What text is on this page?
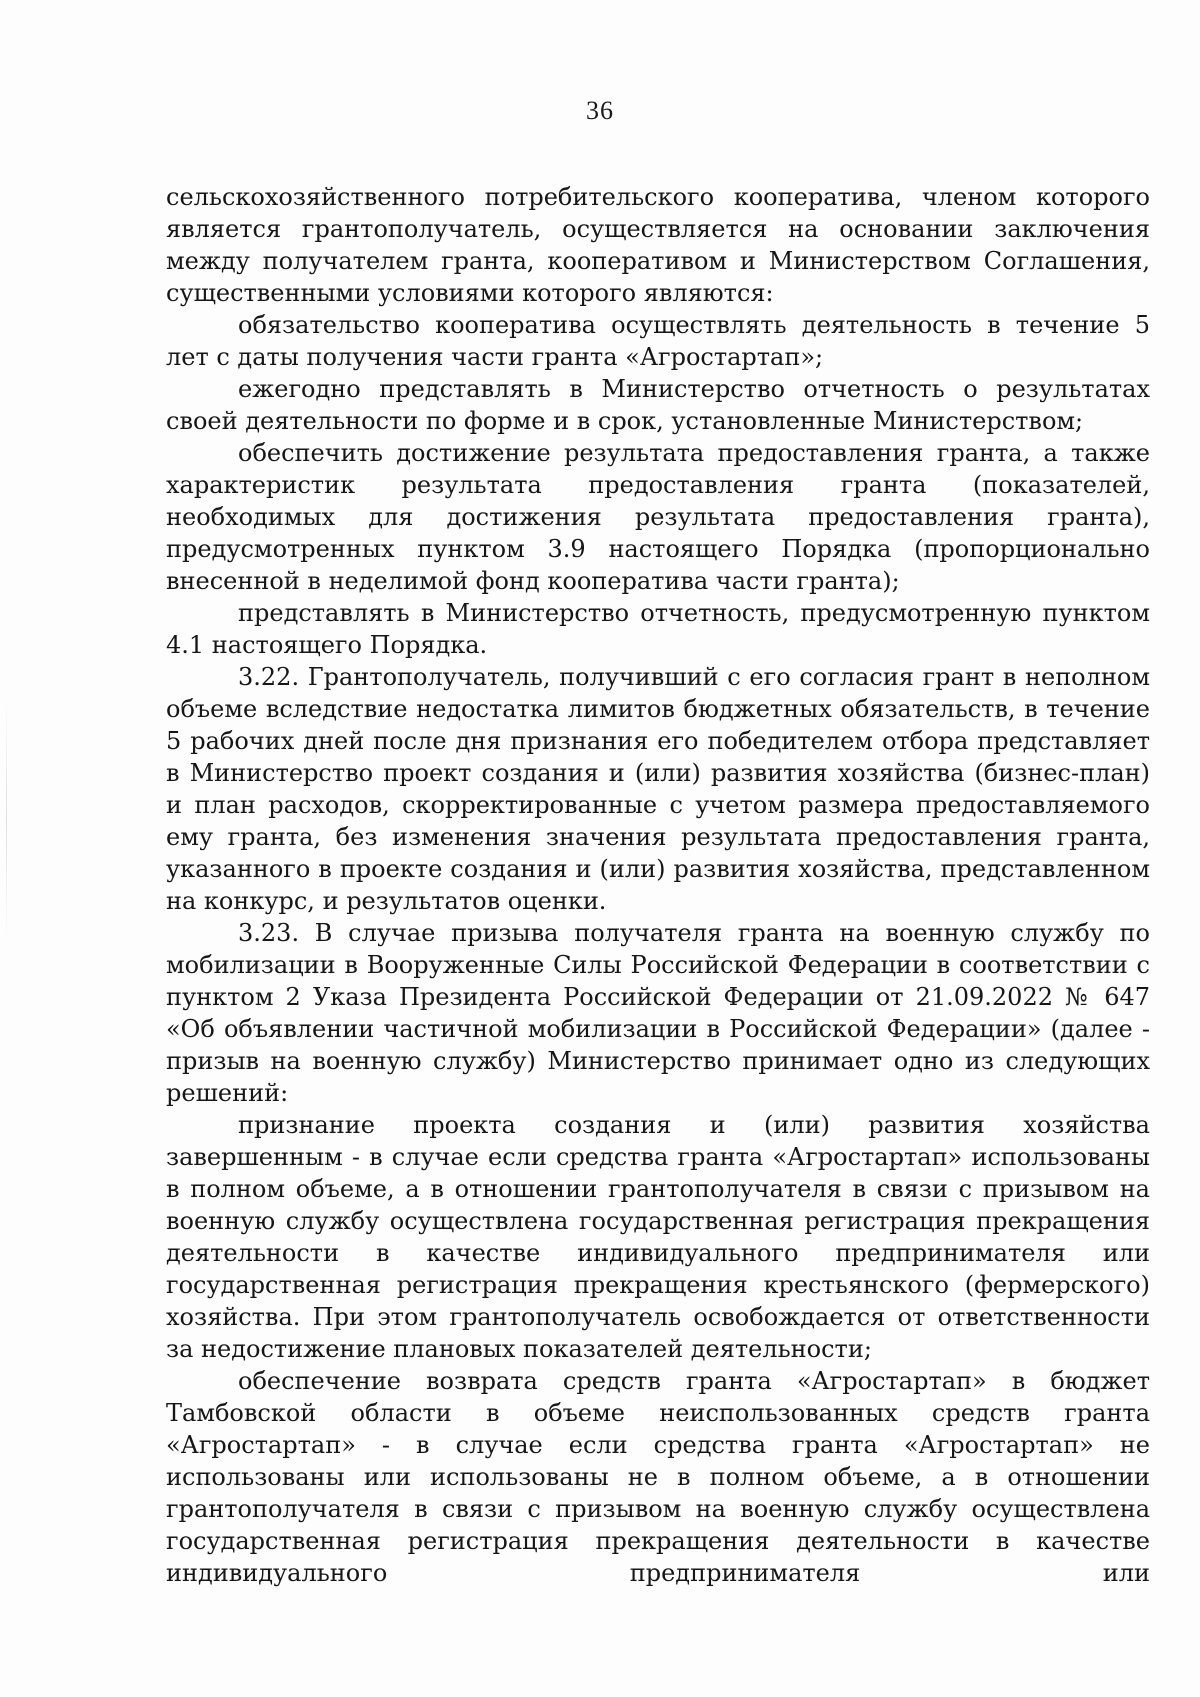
36

сельскохозяйственного потребительского кооператива, членом которого является грантополучатель, осуществляется на основании заключения между получателем гранта, кооперативом и Министерством Соглашения, существенными условиями которого являются:

обязательство кооператива осуществлять деятельность в течение 5 лет с даты получения части гранта «Агростартап»;

ежегодно представлять в Министерство отчетность о результатах своей деятельности по форме и в срок, установленные Министерством;

обеспечить достижение результата предоставления гранта, а также характеристик результата предоставления гранта (показателей, необходимых для достижения результата предоставления гранта), предусмотренных пунктом 3.9 настоящего Порядка (пропорционально внесенной в неделимой фонд кооператива части гранта);

представлять в Министерство отчетность, предусмотренную пунктом 4.1 настоящего Порядка.

3.22. Грантополучатель, получивший с его согласия грант в неполном объеме вследствие недостатка лимитов бюджетных обязательств, в течение 5 рабочих дней после дня признания его победителем отбора представляет в Министерство проект создания и (или) развития хозяйства (бизнес-план) и план расходов, скорректированные с учетом размера предоставляемого ему гранта, без изменения значения результата предоставления гранта, указанного в проекте создания и (или) развития хозяйства, представленном на конкурс, и результатов оценки.

3.23. В случае призыва получателя гранта на военную службу по мобилизации в Вооруженные Силы Российской Федерации в соответствии с пунктом 2 Указа Президента Российской Федерации от 21.09.2022 № 647 «Об объявлении частичной мобилизации в Российской Федерации» (далее - призыв на военную службу) Министерство принимает одно из следующих решений:

признание проекта создания и (или) развития хозяйства завершенным - в случае если средства гранта «Агростартап» использованы в полном объеме, а в отношении грантополучателя в связи с призывом на военную службу осуществлена государственная регистрация прекращения деятельности в качестве индивидуального предпринимателя или государственная регистрация прекращения крестьянского (фермерского) хозяйства. При этом грантополучатель освобождается от ответственности за недостижение плановых показателей деятельности;

обеспечение возврата средств гранта «Агростартап» в бюджет Тамбовской области в объеме неиспользованных средств гранта «Агростартап» - в случае если средства гранта «Агростартап» не использованы или использованы не в полном объеме, а в отношении грантополучателя в связи с призывом на военную службу осуществлена государственная регистрация прекращения деятельности в качестве индивидуального предпринимателя или
